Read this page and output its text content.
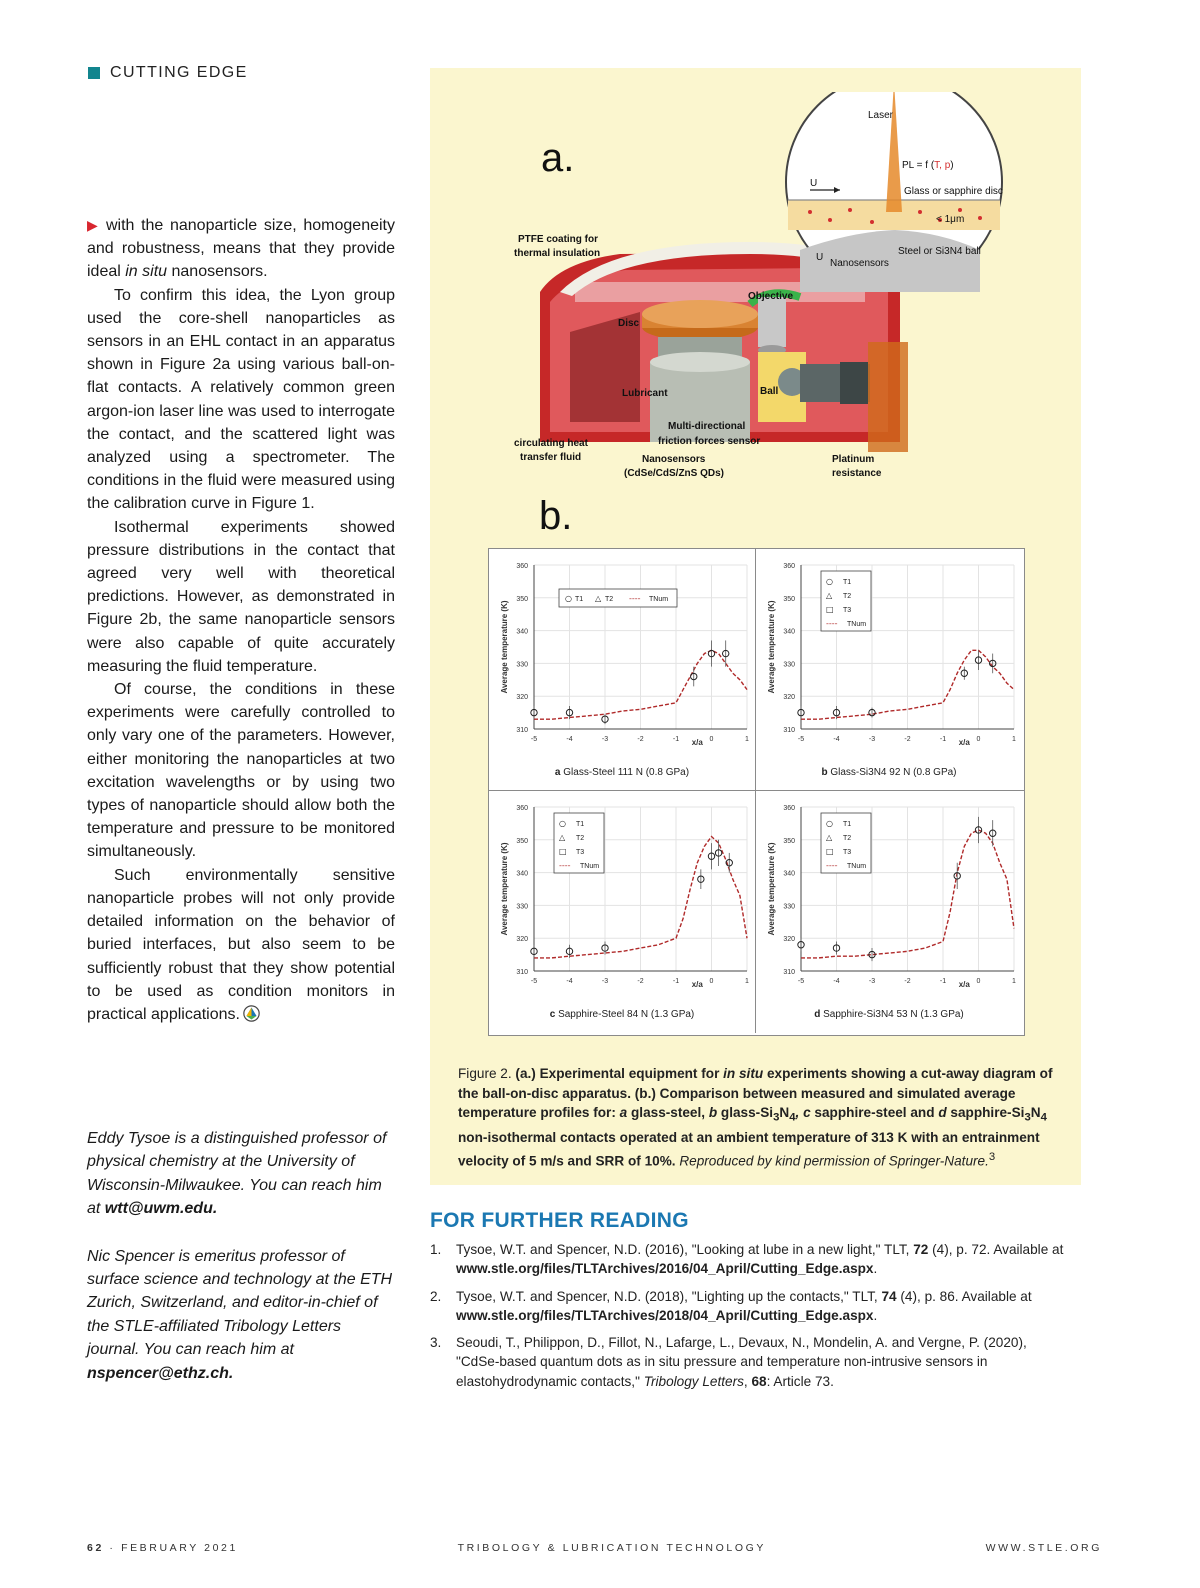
CUTTING EDGE

▶ with the nanoparticle size, homogeneity and robustness, means that they provide ideal in situ nanosensors.

To confirm this idea, the Lyon group used the core-shell nanoparticles as sensors in an EHL contact in an apparatus shown in Figure 2a using various ball-on-flat contacts. A relatively common green argon-ion laser line was used to interrogate the contact, and the scattered light was analyzed using a spectrometer. The conditions in the fluid were measured using the calibration curve in Figure 1.

Isothermal experiments showed pressure distributions in the contact that agreed very well with theoretical predictions. However, as demonstrated in Figure 2b, the same nanoparticle sensors were also capable of quite accurately measuring the fluid temperature.

Of course, the conditions in these experiments were carefully controlled to only vary one of the parameters. However, either monitoring the nanoparticles at two excitation wavelengths or by using two types of nanoparticle should allow both the temperature and pressure to be monitored simultaneously.

Such environmentally sensitive nanoparticle probes will not only provide detailed information on the behavior of buried interfaces, but also seem to be sufficiently robust that they show potential to be used as condition monitors in practical applications.

Eddy Tysoe is a distinguished professor of physical chemistry at the University of Wisconsin-Milwaukee. You can reach him at wtt@uwm.edu.

Nic Spencer is emeritus professor of surface science and technology at the ETH Zurich, Switzerland, and editor-in-chief of the STLE-affiliated Tribology Letters journal. You can reach him at nspencer@ethz.ch.

a.
b.
Laser
PL = f (T, p)
U
U
Glass or sapphire disc
< 1μm
Steel or Si3N4 ball
Nanosensors
PTFE coating for
thermal insulation
Objective
Disc
Lubricant	Ball
Multi-directional
friction forces sensor
circulating heat
transfer fluid	Nanosensors
(CdSe/CdS/ZnS QDs)
Platinum
resistance
310
320
330
340
350
360
-5	-4	-3	-2	-1	0	1
Average temperature (K)
x/a
○ T1 △ T2 ---- TNum
a Glass-Steel 111 N (0.8 GPa)
310
320
330
340
350
360
-5	-4	-3	-2	-1	0	1
Average temperature (K)
x/a
○ T1
△ T2
□ T3
---- TNum
b Glass-Si3N4 92 N (0.8 GPa)
310
320
330
340
350
360
-5	-4	-3	-2	-1	0	1
Average temperature (K)
x/a
○ T1
△ T2
□ T3
---- TNum
c Sapphire-Steel 84 N (1.3 GPa)
310
320
330
340
350
360
-5	-4	-3	-2	-1	0	1
Average temperature (K)
x/a
○ T1
△ T2
□ T3
---- TNum
d Sapphire-Si3N4 53 N (1.3 GPa)
Figure 2. (a.) Experimental equipment for in situ experiments showing a cut-away diagram of the ball-on-disc apparatus. (b.) Comparison between measured and simulated average temperature profiles for: a glass-steel, b glass-$Si_3N_4$, c sapphire-steel and d sapphire-$Si_3N_4$ non-isothermal contacts operated at an ambient temperature of 313 K with an entrainment velocity of 5 m/s and SRR of 10%. Reproduced by kind permission of Springer-Nature.$^3$
FOR FURTHER READING
1.	Tysoe, W.T. and Spencer, N.D. (2016), "Looking at lube in a new light," TLT, 72 (4), p. 72. Available at www.stle.org/files/TLTArchives/2016/04_April/Cutting_Edge.aspx.
2.	Tysoe, W.T. and Spencer, N.D. (2018), "Lighting up the contacts," TLT, 74 (4), p. 86. Available at www.stle.org/files/TLTArchives/2018/04_April/Cutting_Edge.aspx.
3.	Seoudi, T., Philippon, D., Fillot, N., Lafarge, L., Devaux, N., Mondelin, A. and Vergne, P. (2020), "CdSe-based quantum dots as in situ pressure and temperature non-intrusive sensors in elastohydrodynamic contacts," Tribology Letters, 68: Article 73.
62 · FEBRUARY 2021	TRIBOLOGY & LUBRICATION TECHNOLOGY	WWW.STLE.ORG
